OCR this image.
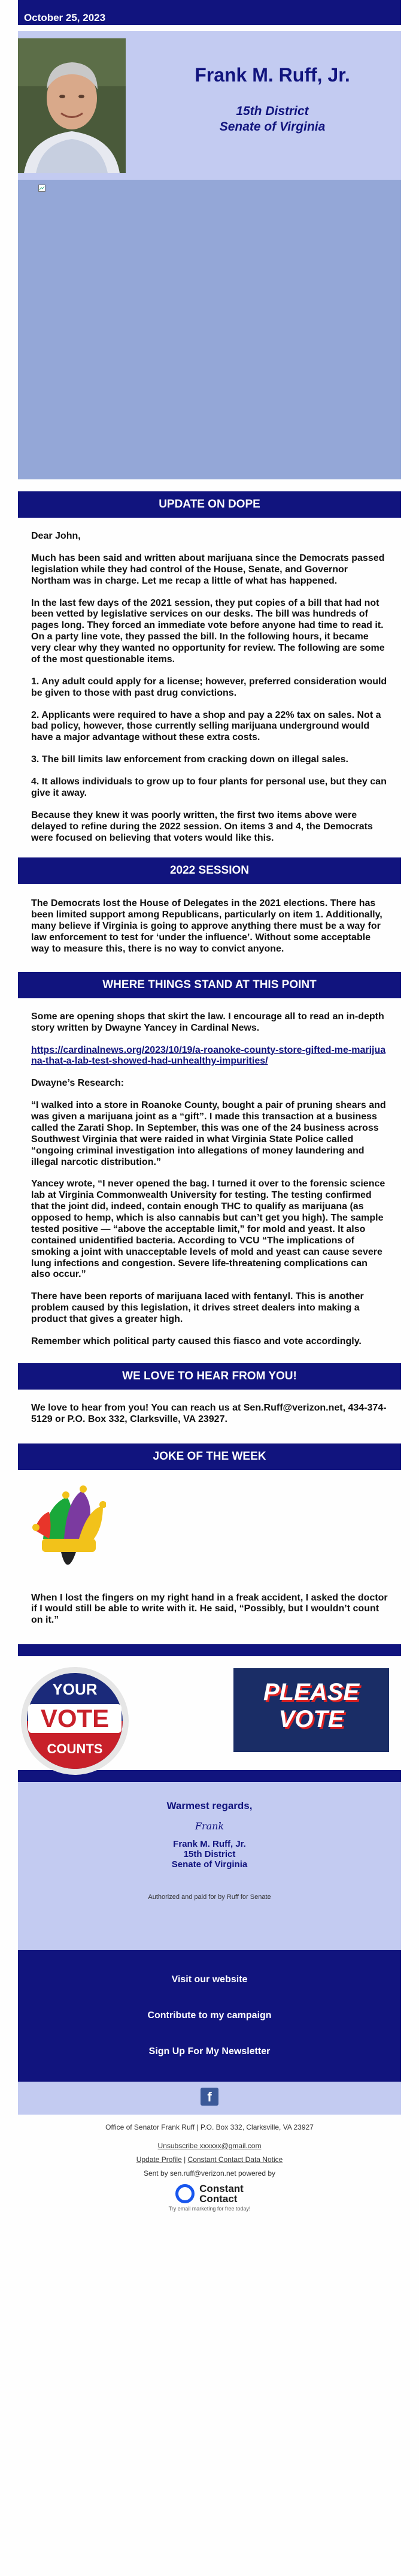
October 25, 2023
Frank M. Ruff, Jr.
15th District
Senate of Virginia
UPDATE ON DOPE

Dear John,

Much has been said and written about marijuana since the Democrats passed legislation while they had control of the House, Senate, and Governor Northam was in charge. Let me recap a little of what has happened.

In the last few days of the 2021 session, they put copies of a bill that had not been vetted by legislative services on our desks. The bill was hundreds of pages long. They forced an immediate vote before anyone had time to read it. On a party line vote, they passed the bill. In the following hours, it became very clear why they wanted no opportunity for review. The following are some of the most questionable items.

1. Any adult could apply for a license; however, preferred consideration would be given to those with past drug convictions.

2. Applicants were required to have a shop and pay a 22% tax on sales. Not a bad policy, however, those currently selling marijuana underground would have a major advantage without these extra costs.

3. The bill limits law enforcement from cracking down on illegal sales.

4. It allows individuals to grow up to four plants for personal use, but they can give it away.

Because they knew it was poorly written, the first two items above were delayed to refine during the 2022 session. On items 3 and 4, the Democrats were focused on believing that voters would like this.

2022 SESSION

The Democrats lost the House of Delegates in the 2021 elections. There has been limited support among Republicans, particularly on item 1. Additionally, many believe if Virginia is going to approve anything there must be a way for law enforcement to test for ‘under the influence’. Without some acceptable way to measure this, there is no way to convict anyone.

WHERE THINGS STAND AT THIS POINT

Some are opening shops that skirt the law. I encourage all to read an in-depth story written by Dwayne Yancey in Cardinal News.

https://cardinalnews.org/2023/10/19/a-roanoke-county-store-gifted-me-marijuana-that-a-lab-test-showed-had-unhealthy-impurities/

Dwayne’s Research:

“I walked into a store in Roanoke County, bought a pair of pruning shears and was given a marijuana joint as a “gift”. I made this transaction at a business called the Zarati Shop. In September, this was one of the 24 business across Southwest Virginia that were raided in what Virginia State Police called “ongoing criminal investigation into allegations of money laundering and illegal narcotic distribution.”

Yancey wrote, “I never opened the bag. I turned it over to the forensic science lab at Virginia Commonwealth University for testing. The testing confirmed that the joint did, indeed, contain enough THC to qualify as marijuana (as opposed to hemp, which is also cannabis but can’t get you high). The sample tested positive — “above the acceptable limit,” for mold and yeast. It also contained unidentified bacteria. According to VCU “The implications of smoking a joint with unacceptable levels of mold and yeast can cause severe lung infections and congestion. Severe life-threatening complications can also occur.”

There have been reports of marijuana laced with fentanyl. This is another problem caused by this legislation, it drives street dealers into making a product that gives a greater high.

Remember which political party caused this fiasco and vote accordingly.

WE LOVE TO HEAR FROM YOU!

We love to hear from you! You can reach us at Sen.Ruff@verizon.net, 434-374-5129 or P.O. Box 332, Clarksville, VA 23927.

JOKE OF THE WEEK

When I lost the fingers on my right hand in a freak accident, I asked the doctor if I would still be able to write with it. He said, “Possibly, but I wouldn’t count on it.”

YOUR
VOTE
COUNTS
PLEASE
VOTE
Warmest regards,
Frank
Frank M. Ruff, Jr.
15th District
Senate of Virginia
Authorized and paid for by Ruff for Senate
Visit our website
Contribute to my campaign
Sign Up For My Newsletter
f
Office of Senator Frank Ruff | P.O. Box 332, Clarksville, VA 23927
Unsubscribe xxxxxx@gmail.com
Update Profile | Constant Contact Data Notice
Sent by sen.ruff@verizon.net powered by
Constant
Contact
Try email marketing for free today!
